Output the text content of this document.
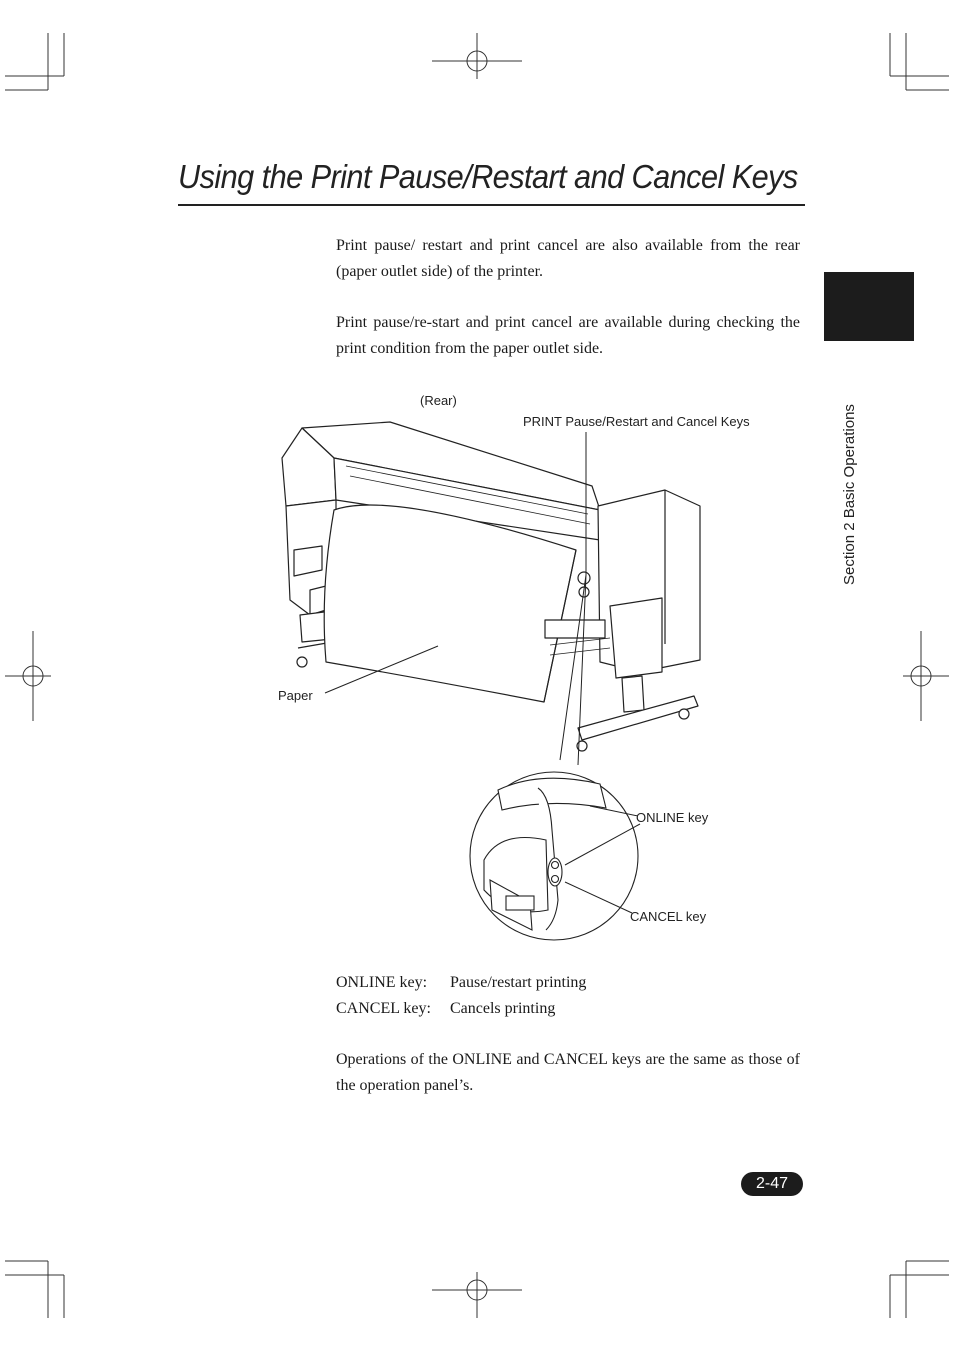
Using the Print Pause/Restart and Cancel Keys
Section 2 Basic Operations
Print pause/ restart and print cancel are also available from the rear (paper outlet side) of the printer.
Print pause/re-start and print cancel are available during checking the print condition from the paper outlet side.
(Rear)
PRINT Pause/Restart and Cancel Keys
Paper
ONLINE key
CANCEL key
ONLINE key: Pause/restart printing
CANCEL key: Cancels printing
Operations of the ONLINE and CANCEL keys are the same as those of the operation panel’s.
2-47
